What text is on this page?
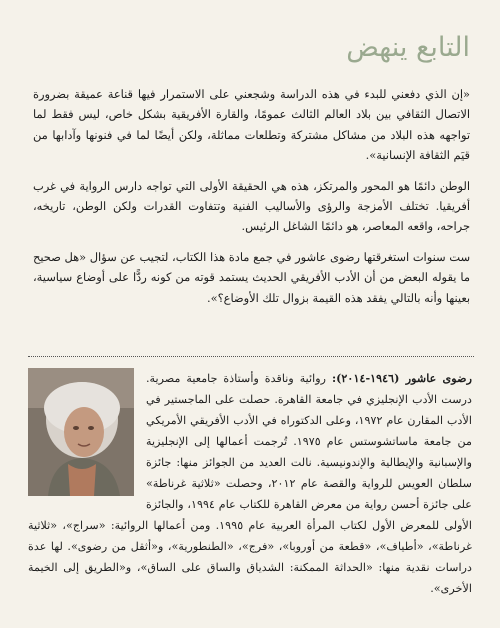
التابع ينهض

«إن الذي دفعني للبدء في هذه الدراسة وشجعني على الاستمرار فيها قناعة عميقة بضرورة الاتصال الثقافي بين بلاد العالم الثالث عمومًا، والقارة الأفريقية بشكل خاص، ليس فقط لما تواجهه هذه البلاد من مشاكل مشتركة وتطلعات مماثلة، ولكن أيضًا لما في فنونها وآدابها من قيَم الثقافة الإنسانية».

الوطن دائمًا هو المحور والمرتكز، هذه هي الحقيقة الأولى التي تواجه دارس الرواية في غرب أفريقيا. تختلف الأمزجة والرؤى والأساليب الفنية وتتفاوت القدرات ولكن الوطن، تاريخه، جراحه، واقعه المعاصر، هو دائمًا الشاغل الرئيس.

ست سنوات استغرقتها رضوى عاشور في جمع مادة هذا الكتاب، لتجيب عن سؤال «هل صحيح ما يقوله البعض من أن الأدب الأفريقي الحديث يستمد قوته من كونه ردًّا على أوضاع سياسية، بعينها وأنه بالتالي يفقد هذه القيمة بزوال تلك الأوضاع؟».

رضوى عاشور (١٩٤٦-٢٠١٤): روائية وناقدة وأستاذة جامعية مصرية. درست الأدب الإنجليزي في جامعة القاهرة. حصلت على الماجستير في الأدب المقارن عام ١٩٧٢، وعلى الدكتوراه في الأدب الأفريقي الأمريكي من جامعة ماساتشوستس عام ١٩٧٥. تُرجمت أعمالها إلى الإنجليزية والإسبانية والإيطالية والإندونيسية. نالت العديد من الجوائز منها: جائزة سلطان العويس للرواية والقصة عام ٢٠١٢، وحصلت «ثلاثية غرناطة» على جائزة أحسن رواية من معرض القاهرة للكتاب عام ١٩٩٤، والجائزة الأولى للمعرض الأول لكتاب المرأة العربية عام ١٩٩٥. ومن أعمالها الروائية: «سراج»، «ثلاثية غرناطة»، «أطياف»، «قطعة من أوروبا»، «فرج»، «الطنطورية»، و«أثقل من رضوى». لها عدة دراسات نقدية منها: «الحداثة الممكنة: الشدياق والساق على الساق»، و«الطريق إلى الخيمة الأخرى».
